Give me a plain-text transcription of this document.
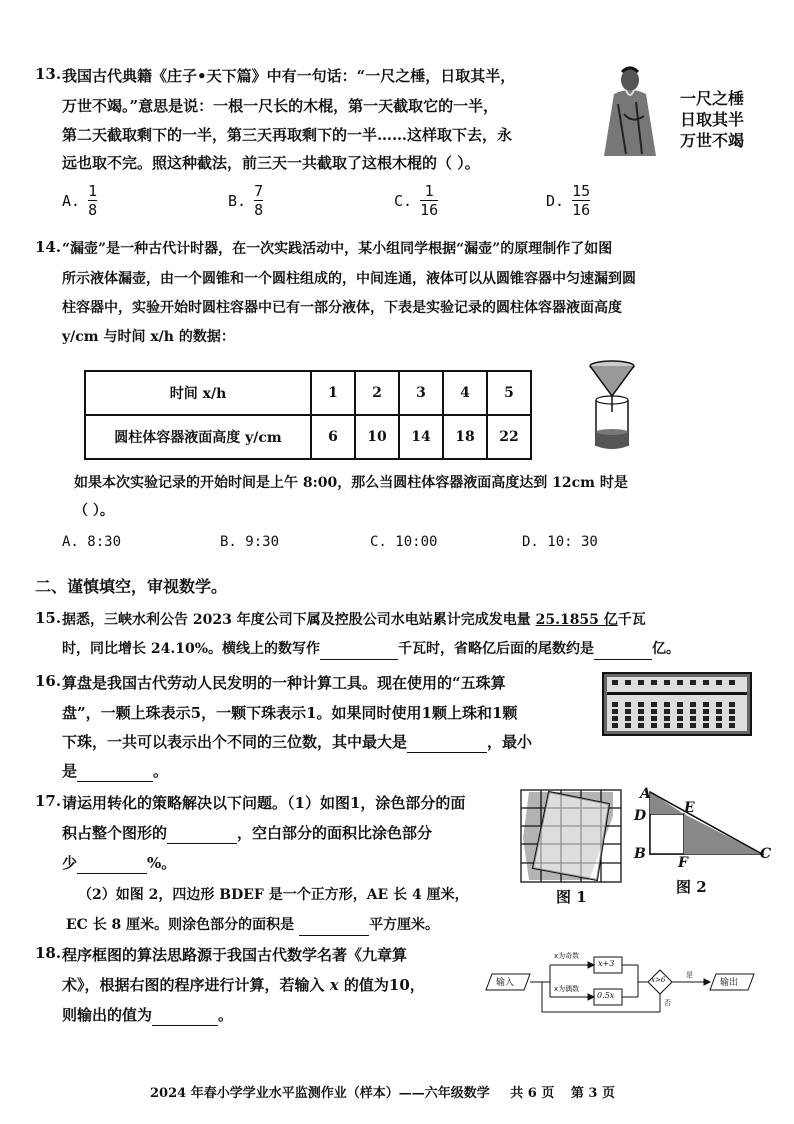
13. 我国古代典籍《庄子•天下篇》中有一句话：“一尺之棰，日取其半，
万世不竭。”意思是说：一根一尺长的木棍，第一天截取它的一半，
第二天截取剩下的一半，第三天再取剩下的一半……这样取下去，永
远也取不完。照这种截法，前三天一共截取了这根木棍的（ ）。
一尺之棰
日取其半
万世不竭
A. $\frac{1}{8}$	B. $\frac{7}{8}$	C. $\frac{1}{16}$	D. $\frac{15}{16}$
14. “漏壶”是一种古代计时器，在一次实践活动中，某小组同学根据“漏壶”的原理制作了如图
所示液体漏壶，由一个圆锥和一个圆柱组成的，中间连通，液体可以从圆锥容器中匀速漏到圆
柱容器中，实验开始时圆柱容器中已有一部分液体，下表是实验记录的圆柱体容器液面高度
y/cm 与时间 x/h 的数据：
时间 x/h	1	2	3	4	5
圆柱体容器液面高度 y/cm	6	10	14	18	22
如果本次实验记录的开始时间是上午 8:00，那么当圆柱体容器液面高度达到 12cm 时是
（ ）。
A. 8:30	B. 9:30	C. 10:00	D. 10: 30
二、谨慎填空，审视数学。
15. 据悉，三峡水利公告 2023 年度公司下属及控股公司水电站累计完成发电量 25.1855 亿千瓦
时，同比增长 24.10%。横线上的数写作	千瓦时，省略亿后面的尾数约是	亿。
16. 算盘是我国古代劳动人民发明的一种计算工具。现在使用的“五珠算
盘”，一颗上珠表示5，一颗下珠表示1。如果同时使用1颗上珠和1颗
下珠，一共可以表示出个不同的三位数，其中最大是	，最小
是	。
17. 请运用转化的策略解决以下问题。（1）如图1，涂色部分的面
积占整个图形的	，空白部分的面积比涂色部分
少	%。
（2）如图 2，四边形 BDEF 是一个正方形，AE 长 4 厘米，
EC 长 8 厘米。则涂色部分的面积是	平方厘米。
图 1
A
D
B
E
F
C
图 2
18. 程序框图的算法思路源于我国古代数学名著《九章算
术》，根据右图的程序进行计算，若输入 x 的值为10，
则输出的值为	。
输入
x为奇数
x为偶数
x+3
0.5x
x>6
是
否
输出
2024 年春小学学业水平监测作业（样本）——六年级数学 共 6 页 第 3 页
